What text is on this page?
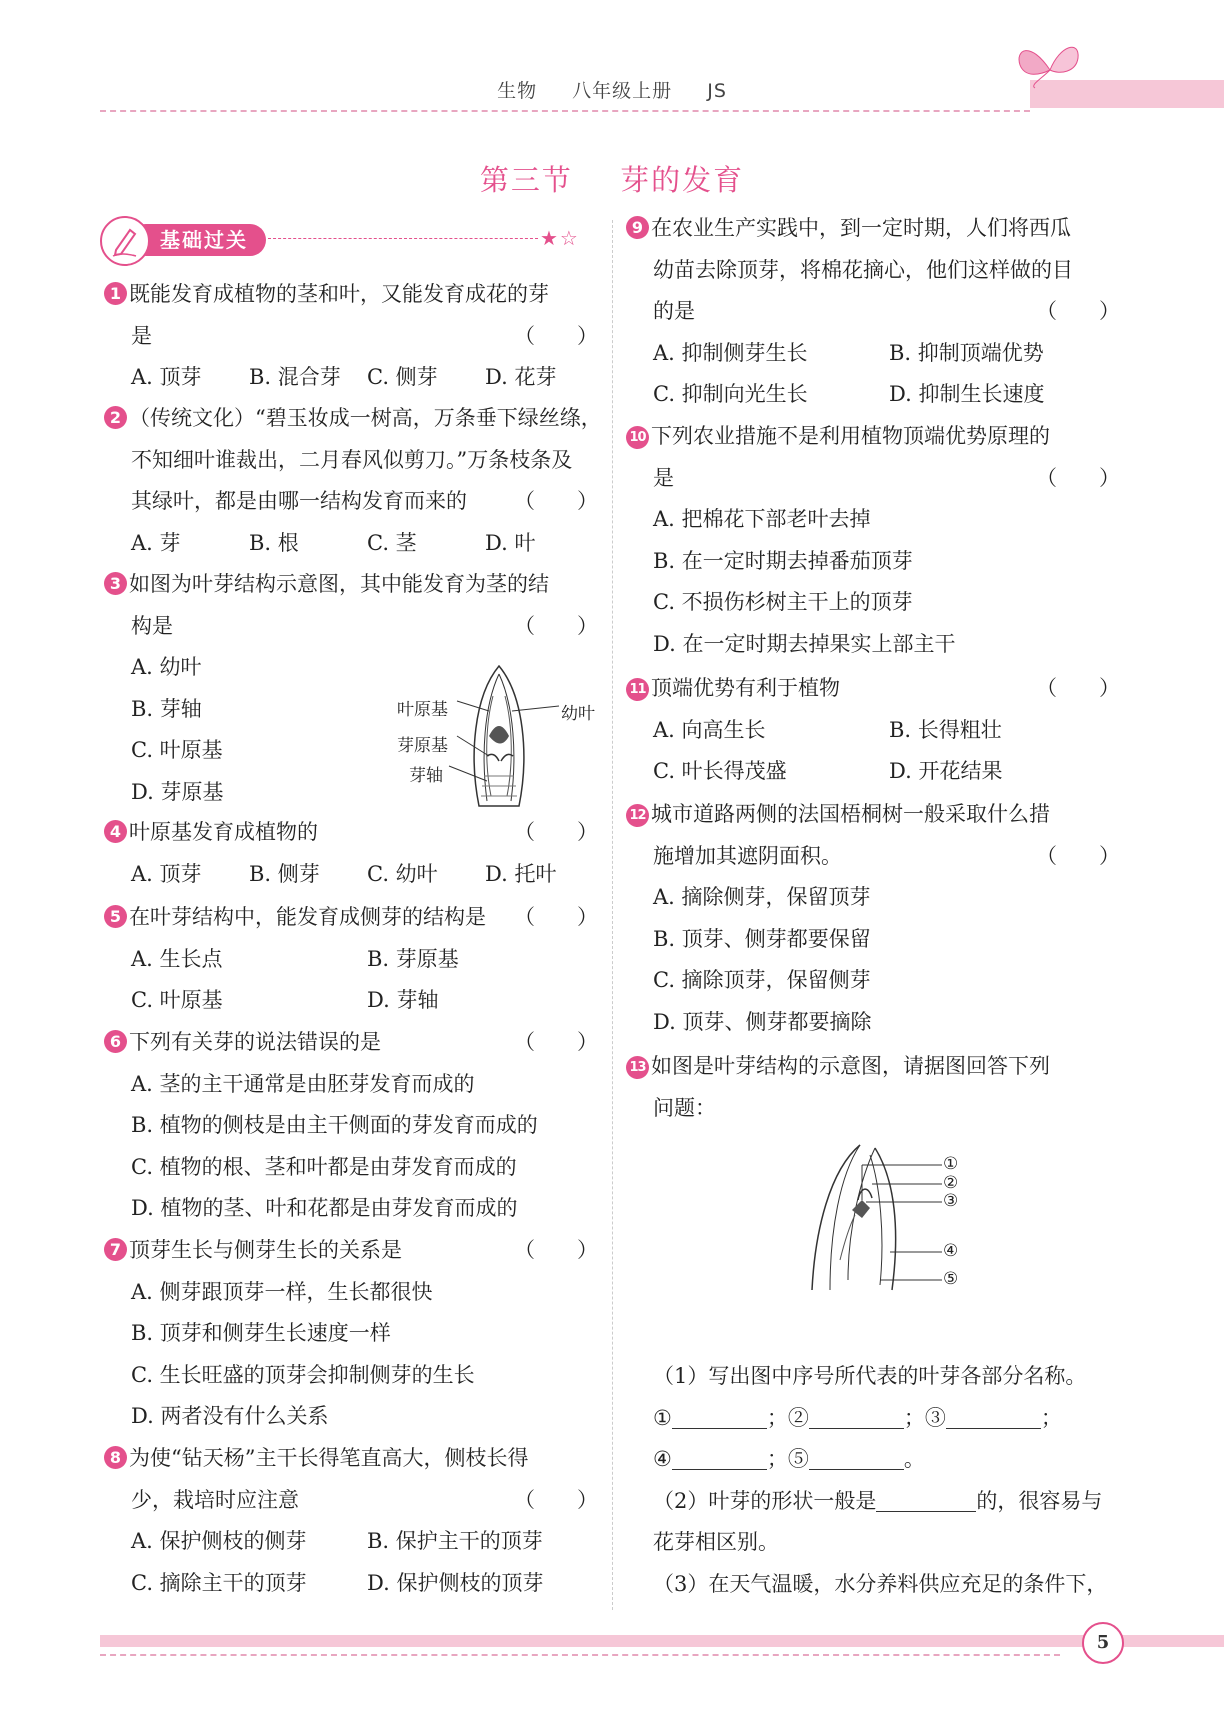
生物 八年级上册 JS
第三节 芽的发育
基础过关	★☆
1 既能发育成植物的茎和叶，又能发育成花的芽
是	（　　）
A. 顶芽 B. 混合芽 C. 侧芽 D. 花芽
2 （传统文化）“碧玉妆成一树高，万条垂下绿丝绦，
不知细叶谁裁出，二月春风似剪刀。”万条枝条及
其绿叶，都是由哪一结构发育而来的 （　　）
A. 芽	B. 根	C. 茎	D. 叶
3 如图为叶芽结构示意图，其中能发育为茎的结
构是	（　　）
A. 幼叶
B. 芽轴
C. 叶原基
D. 芽原基
叶原基
芽原基
芽轴
幼叶
4 叶原基发育成植物的	（　　）
A. 顶芽 B. 侧芽 C. 幼叶 D. 托叶
5 在叶芽结构中，能发育成侧芽的结构是 （　　）
A. 生长点	B. 芽原基
C. 叶原基	D. 芽轴
6 下列有关芽的说法错误的是	（　　）
A. 茎的主干通常是由胚芽发育而成的
B. 植物的侧枝是由主干侧面的芽发育而成的
C. 植物的根、茎和叶都是由芽发育而成的
D. 植物的茎、叶和花都是由芽发育而成的
7 顶芽生长与侧芽生长的关系是	（　　）
A. 侧芽跟顶芽一样，生长都很快
B. 顶芽和侧芽生长速度一样
C. 生长旺盛的顶芽会抑制侧芽的生长
D. 两者没有什么关系
8 为使“钻天杨”主干长得笔直高大，侧枝长得
少，栽培时应注意	（　　）
A. 保护侧枝的侧芽	B. 保护主干的顶芽
C. 摘除主干的顶芽	D. 保护侧枝的顶芽
9 在农业生产实践中，到一定时期，人们将西瓜
幼苗去除顶芽，将棉花摘心，他们这样做的目
的是	（　　）
A. 抑制侧芽生长	B. 抑制顶端优势
C. 抑制向光生长	D. 抑制生长速度
10 下列农业措施不是利用植物顶端优势原理的
是	（　　）
A. 把棉花下部老叶去掉
B. 在一定时期去掉番茄顶芽
C. 不损伤杉树主干上的顶芽
D. 在一定时期去掉果实上部主干
11 顶端优势有利于植物	（　　）
A. 向高生长	B. 长得粗壮
C. 叶长得茂盛	D. 开花结果
12 城市道路两侧的法国梧桐树一般采取什么措
施增加其遮阴面积。	（　　）
A. 摘除侧芽，保留顶芽
B. 顶芽、侧芽都要保留
C. 摘除顶芽，保留侧芽
D. 顶芽、侧芽都要摘除
13 如图是叶芽结构的示意图，请据图回答下列
问题：
①
②
③
④
⑤
（1）写出图中序号所代表的叶芽各部分名称。
①	；②	；③	；
④	；⑤	。
（2）叶芽的形状一般是	的，很容易与
花芽相区别。
（3）在天气温暖，水分养料供应充足的条件下，
5
